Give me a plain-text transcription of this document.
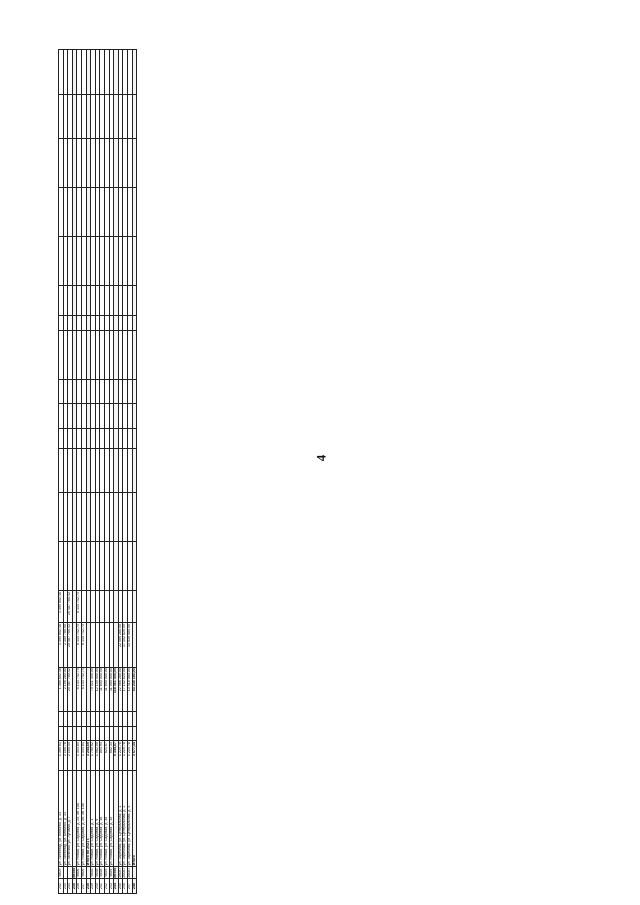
4
232	9809	ул. Листопад, ул. Бельтюк, д. 13	1 395,63			1 395 852,48	1 395 852,48	1 395 852,48														
233		ул. Листопад, ул. Бельтюк, д. 13	2 155,78			2 156 280,00	2 155 780,00															
234		ул. Зеленая, ул. Луговая, д. 7	2 155,44			20 487 760,42	20 487 760,42	20 487 760,42														
235	Итого																					
236	9806	ул. Новая, ул. Садовая, д. 25, кв. 108	1 344,84			6 143 742,74	6 143 742,74	6 143 742,74														
237	9806	ул. Новая, ул. Садовая, д. 26, кв. 108	1 344,84			6 143 742,74	6 143 742,74															
238		Итого по 2021 г.	3 244,69																			
239	9858	ул. Новая, ул. Садовая, д. 1	1 750,62			70 021 305,00																
240	9858	ул. Новая, ул. Садовая, д. 9	1 562,00			12 140 000,00																
241	9858	ул. Новая, ул. Садовая, д. 38	804,94			11 600 000,00																
242	9859	ул. Новая, ул. Садовая, д. 38	624,67			11 600 000,00																
243	9859	ул. Новая, ул. Садовая, д. 15	602,34			11 000 000,00																
244	Итого		5 344,57			118 361 305,00																
245	26087	ул. Заречная, ул. Центральная, д. 1	1 225,78			22 566 280,00	22 566 280,00															
246	26087	ул. Заречная, ул. Центральная, д. 2	1 225,78			17 152 820,00	17 152 820,00															
247	26087	ул. Заречная, ул. Центральная, д. 4	1 225,78			13 516 080,00	13 516 080,00															
248		Итого	3 677,34			53 235 180,00																
